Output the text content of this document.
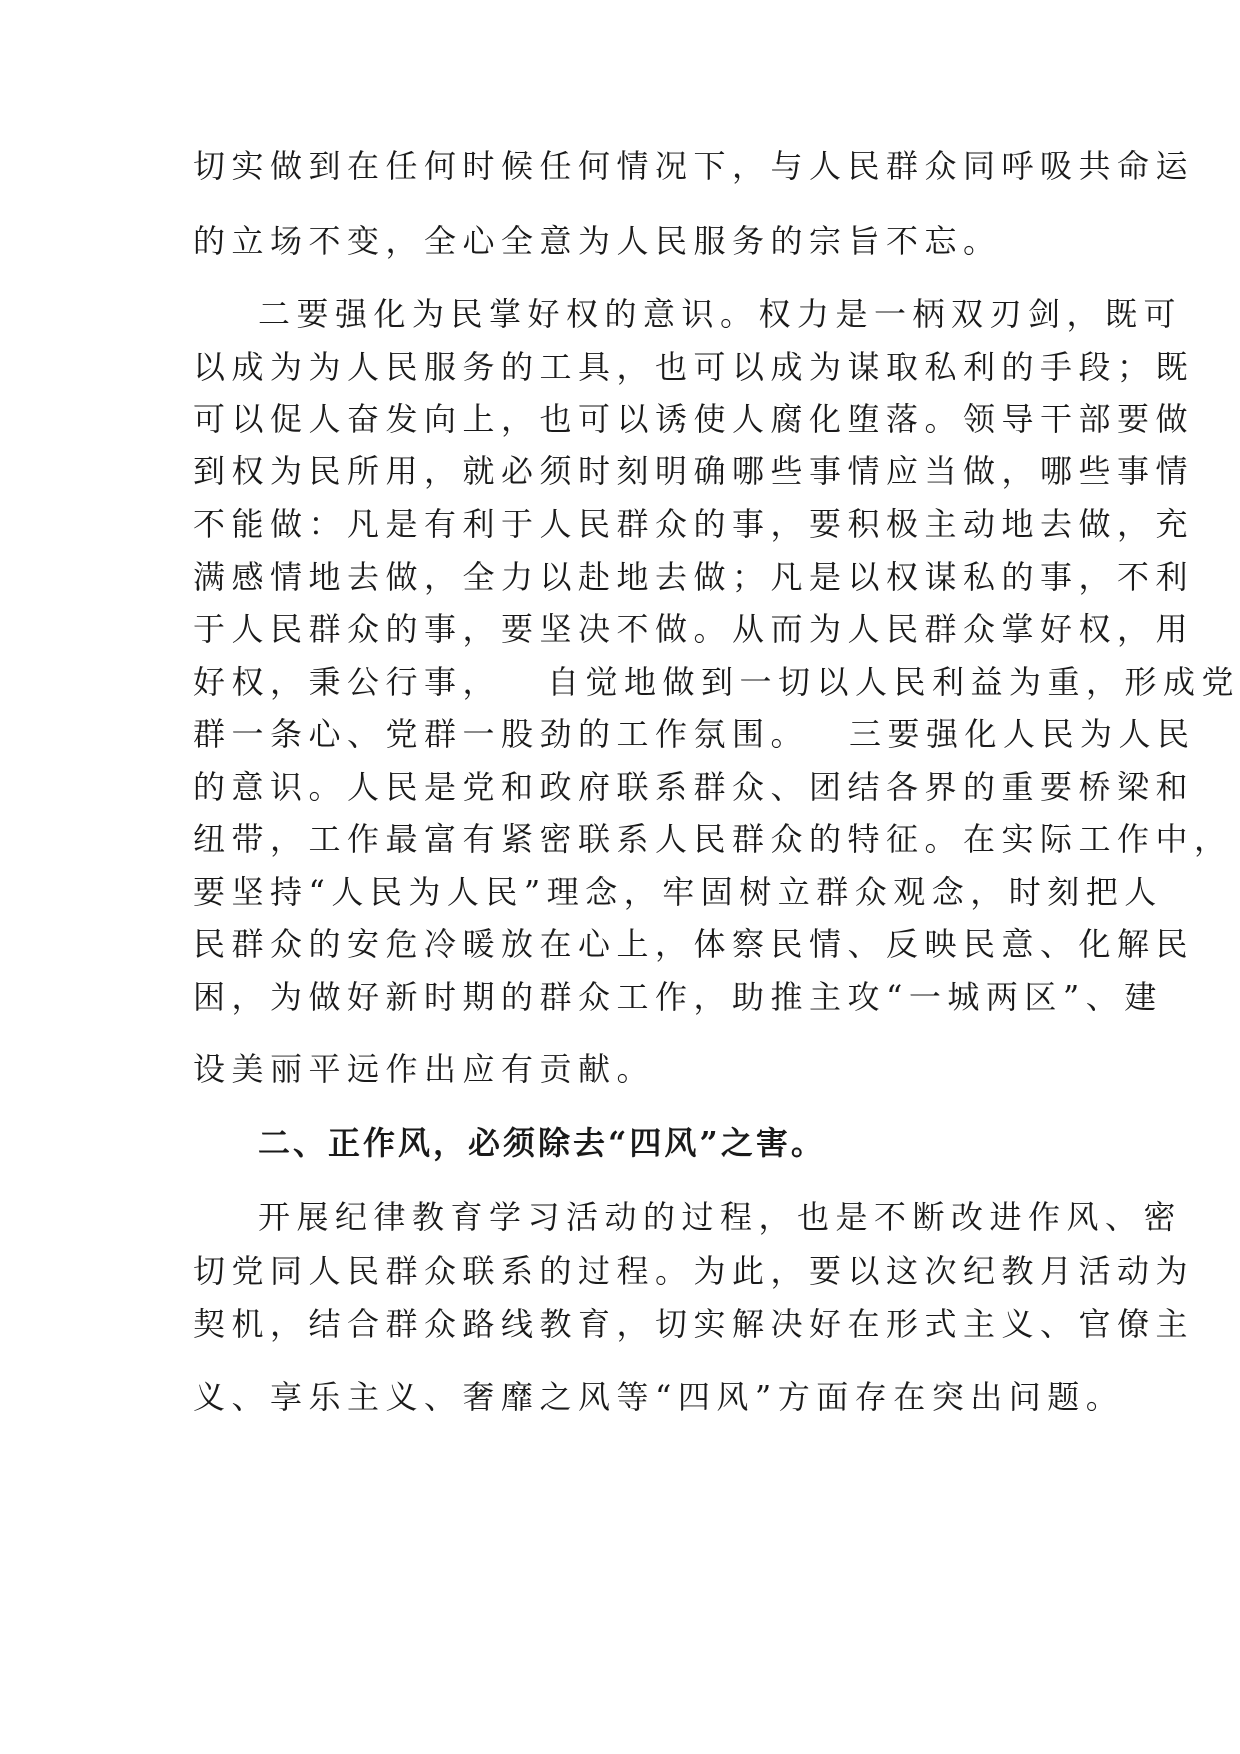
切实做到在任何时候任何情况下，与人民群众同呼吸共命运
的立场不变，全心全意为人民服务的宗旨不忘。
二要强化为民掌好权的意识。权力是一柄双刃剑，既可
以成为为人民服务的工具，也可以成为谋取私利的手段；既
可以促人奋发向上，也可以诱使人腐化堕落。领导干部要做
到权为民所用，就必须时刻明确哪些事情应当做，哪些事情
不能做：凡是有利于人民群众的事，要积极主动地去做，充
满感情地去做，全力以赴地去做；凡是以权谋私的事，不利
于人民群众的事，要坚决不做。从而为人民群众掌好权，用
好权，秉公行事， 自觉地做到一切以人民利益为重，形成党
群一条心、党群一股劲的工作氛围。 三要强化人民为人民
的意识。人民是党和政府联系群众、团结各界的重要桥梁和
纽带，工作最富有紧密联系人民群众的特征。在实际工作中，
要坚持“人民为人民”理念，牢固树立群众观念，时刻把人
民群众的安危冷暖放在心上，体察民情、反映民意、化解民
困，为做好新时期的群众工作，助推主攻“一城两区”、建
设美丽平远作出应有贡献。
二、正作风，必须除去“四风”之害。
开展纪律教育学习活动的过程，也是不断改进作风、密
切党同人民群众联系的过程。为此，要以这次纪教月活动为
契机，结合群众路线教育，切实解决好在形式主义、官僚主
义、享乐主义、奢靡之风等“四风”方面存在突出问题。
